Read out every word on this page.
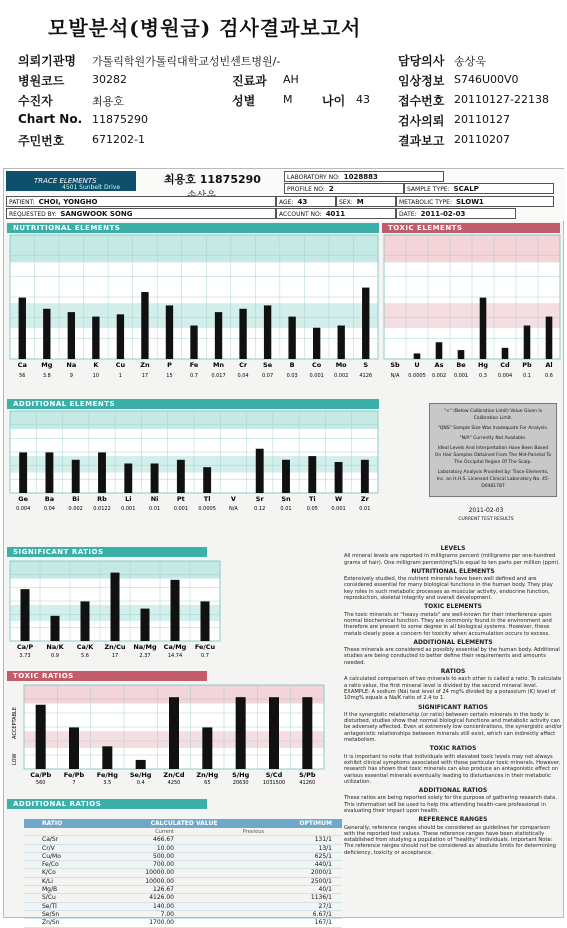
모발분석(병원급) 검사결과보고서
의뢰기관명 가톨릭학원가톨릭대학교성빈센트병원/-	담당의사 송상욱
병원코드	30282	진료과 AH	임상정보 S746U00V0
수진자	최용호	성별	M 나이 43 접수번호 20110127-22138
Chart No. 11875290	검사의뢰 20110127
주민번호	671202-1	결과보고 20110207
TRACE ELEMENTS
4501 Sunbelt Drive
최용호 11875290	LABORATORY NO: 1028883
PROFILE NO: 2	SAMPLE TYPE: SCALP
PATIENT: CHOI, YONGHO	AGE: 43	SEX: M	METABOLIC TYPE: SLOW1
REQUESTED BY: SANGWOOK SONG	ACCOUNT NO: 4011	DATE: 2011-02-03
NUTRITIONAL ELEMENTS	TOXIC ELEMENTS
ADDITIONAL ELEMENTS
SIGNIFICANT RATIOS
TOXIC RATIOS
ADDITIONAL RATIOS
Ca
56
Mg
3.8
Na
9
K
10
Cu
1
Zn
17
P
15
Fe
0.7
Mn
0.017
Cr
0.04
Se
0.07
B
0.03
Co
0.001
Mo
0.002
S
4126
Sb
N/A
U
0.0005
As
0.002
Be
0.001
Hg
0.3
Cd
0.004
Pb
0.1
Al
0.6
Ge
0.004
Ba
0.04
Bi
0.002
Rb
0.0122
Li
0.001
Ni
0.01
Pt
0.001
Tl
0.0005
V
N/A
Sr
0.12
Sn
0.01
Ti
0.05
W
0.001
Zr
0.01
Ca/P
3.73
Na/K
0.9
Ca/K
5.6
Zn/Cu
17
Na/Mg
2.37
Ca/Mg
14.74
Fe/Cu
0.7
Ca/Pb
560
Fe/Pb
7
Fe/Hg
3.5
Se/Hg
0.4
Zn/Cd
4250
Zn/Hg
65
S/Hg
20630
S/Cd
1031500
S/Pb
41260
LOW
ACCEPTABLE
"<" (Below Calibration Limit) Value Given Is Calibration Limit.
"QNS" Sample Size Was Inadequate For Analysis.
"N/A" Currently Not Available.
Ideal Levels And Interpretation Have Been Based On Hair Samples Obtained From The Mid-Parietal To The Occipital Region Of The Scalp.
Laboratory Analysis Provided by: Trace Elements, Inc. an H.H.S. Licensed Clinical Laboratory No. 45-D0481787
2011-02-03
CURRENT TEST RESULTS
LEVELS

All mineral levels are reported in milligrams percent (milligrams per one-hundred grams of hair). One milligram percent(mg%)is equal to ten parts per million (ppm).

NUTRITIONAL ELEMENTS

Extensively studied, the nutrient minerals have been well defined and are considered essential for many biological functions in the human body. They play key roles in such metabolic processes as muscular activity, endocrine function, reproduction, skeletal integrity and overall development.

TOXIC ELEMENTS

The toxic minerals or "heavy metals" are well-known for their interference upon normal biochemical function. They are commonly found in the environment and therefore are present to some degree in all biological systems. However, these metals clearly pose a concern for toxicity when accumulation occurs to excess.

ADDITIONAL ELEMENTS

These minerals are considered as possibly essential by the human body. Additional studies are being conducted to better define their requirements and amounts needed.

RATIOS

A calculated comparison of two minerals to each other is called a ratio. To calculate a ratio value, the first mineral level is divided by the second mineral level. EXAMPLE: A sodium (Na) test level of 24 mg% divided by a potassium (K) level of 10mg% equals a Na/K ratio of 2.4 to 1.

SIGNIFICANT RATIOS

If the synergistic relationship (or ratio) between certain minerals in the body is disturbed, studies show that normal biological functions and metabolic activity can be adversely affected. Even at extremely low concentrations, the synergistic and/or antagonistic relationships between minerals still exist, which can indirectly affect metabolism.

TOXIC RATIOS

It is important to note that individuals with elevated toxic levels may not always exhibit clinical symptoms associated with those particular toxic minerals. However, research has shown that toxic minerals can also produce an antagonistic effect on various essential minerals eventually leading to disturbances in their metabolic utilization.

ADDITIONAL RATIOS

These ratios are being reported solely for the purpose of gathering research data. This information will be used to help the attending health-care professional in evaluating their impact upon health.

REFERENCE RANGES

Generally, reference ranges should be considered as guidelines for comparison with the reported test values. These reference ranges have been statistically established from studying a population of "healthy" individuals. Important Note: The reference ranges should not be considered as absolute limits for determining deficiency, toxicity or acceptance.

RATIO	CALCULATED VALUE	OPTIMUM
Current	Previous
Ca/Sr	466.67	131/1
Cr/V	10.00	13/1
Cu/Mo	500.00	625/1
Fe/Co	700.00	440/1
K/Co	10000.00	2000/1
K/Li	10000.00	2500/1
Mg/B	126.67	40/1
S/Cu	4126.00	1136/1
Se/Tl	140.00	27/1
Se/Sn	7.00	6.67/1
Zn/Sn	1700.00	167/1
